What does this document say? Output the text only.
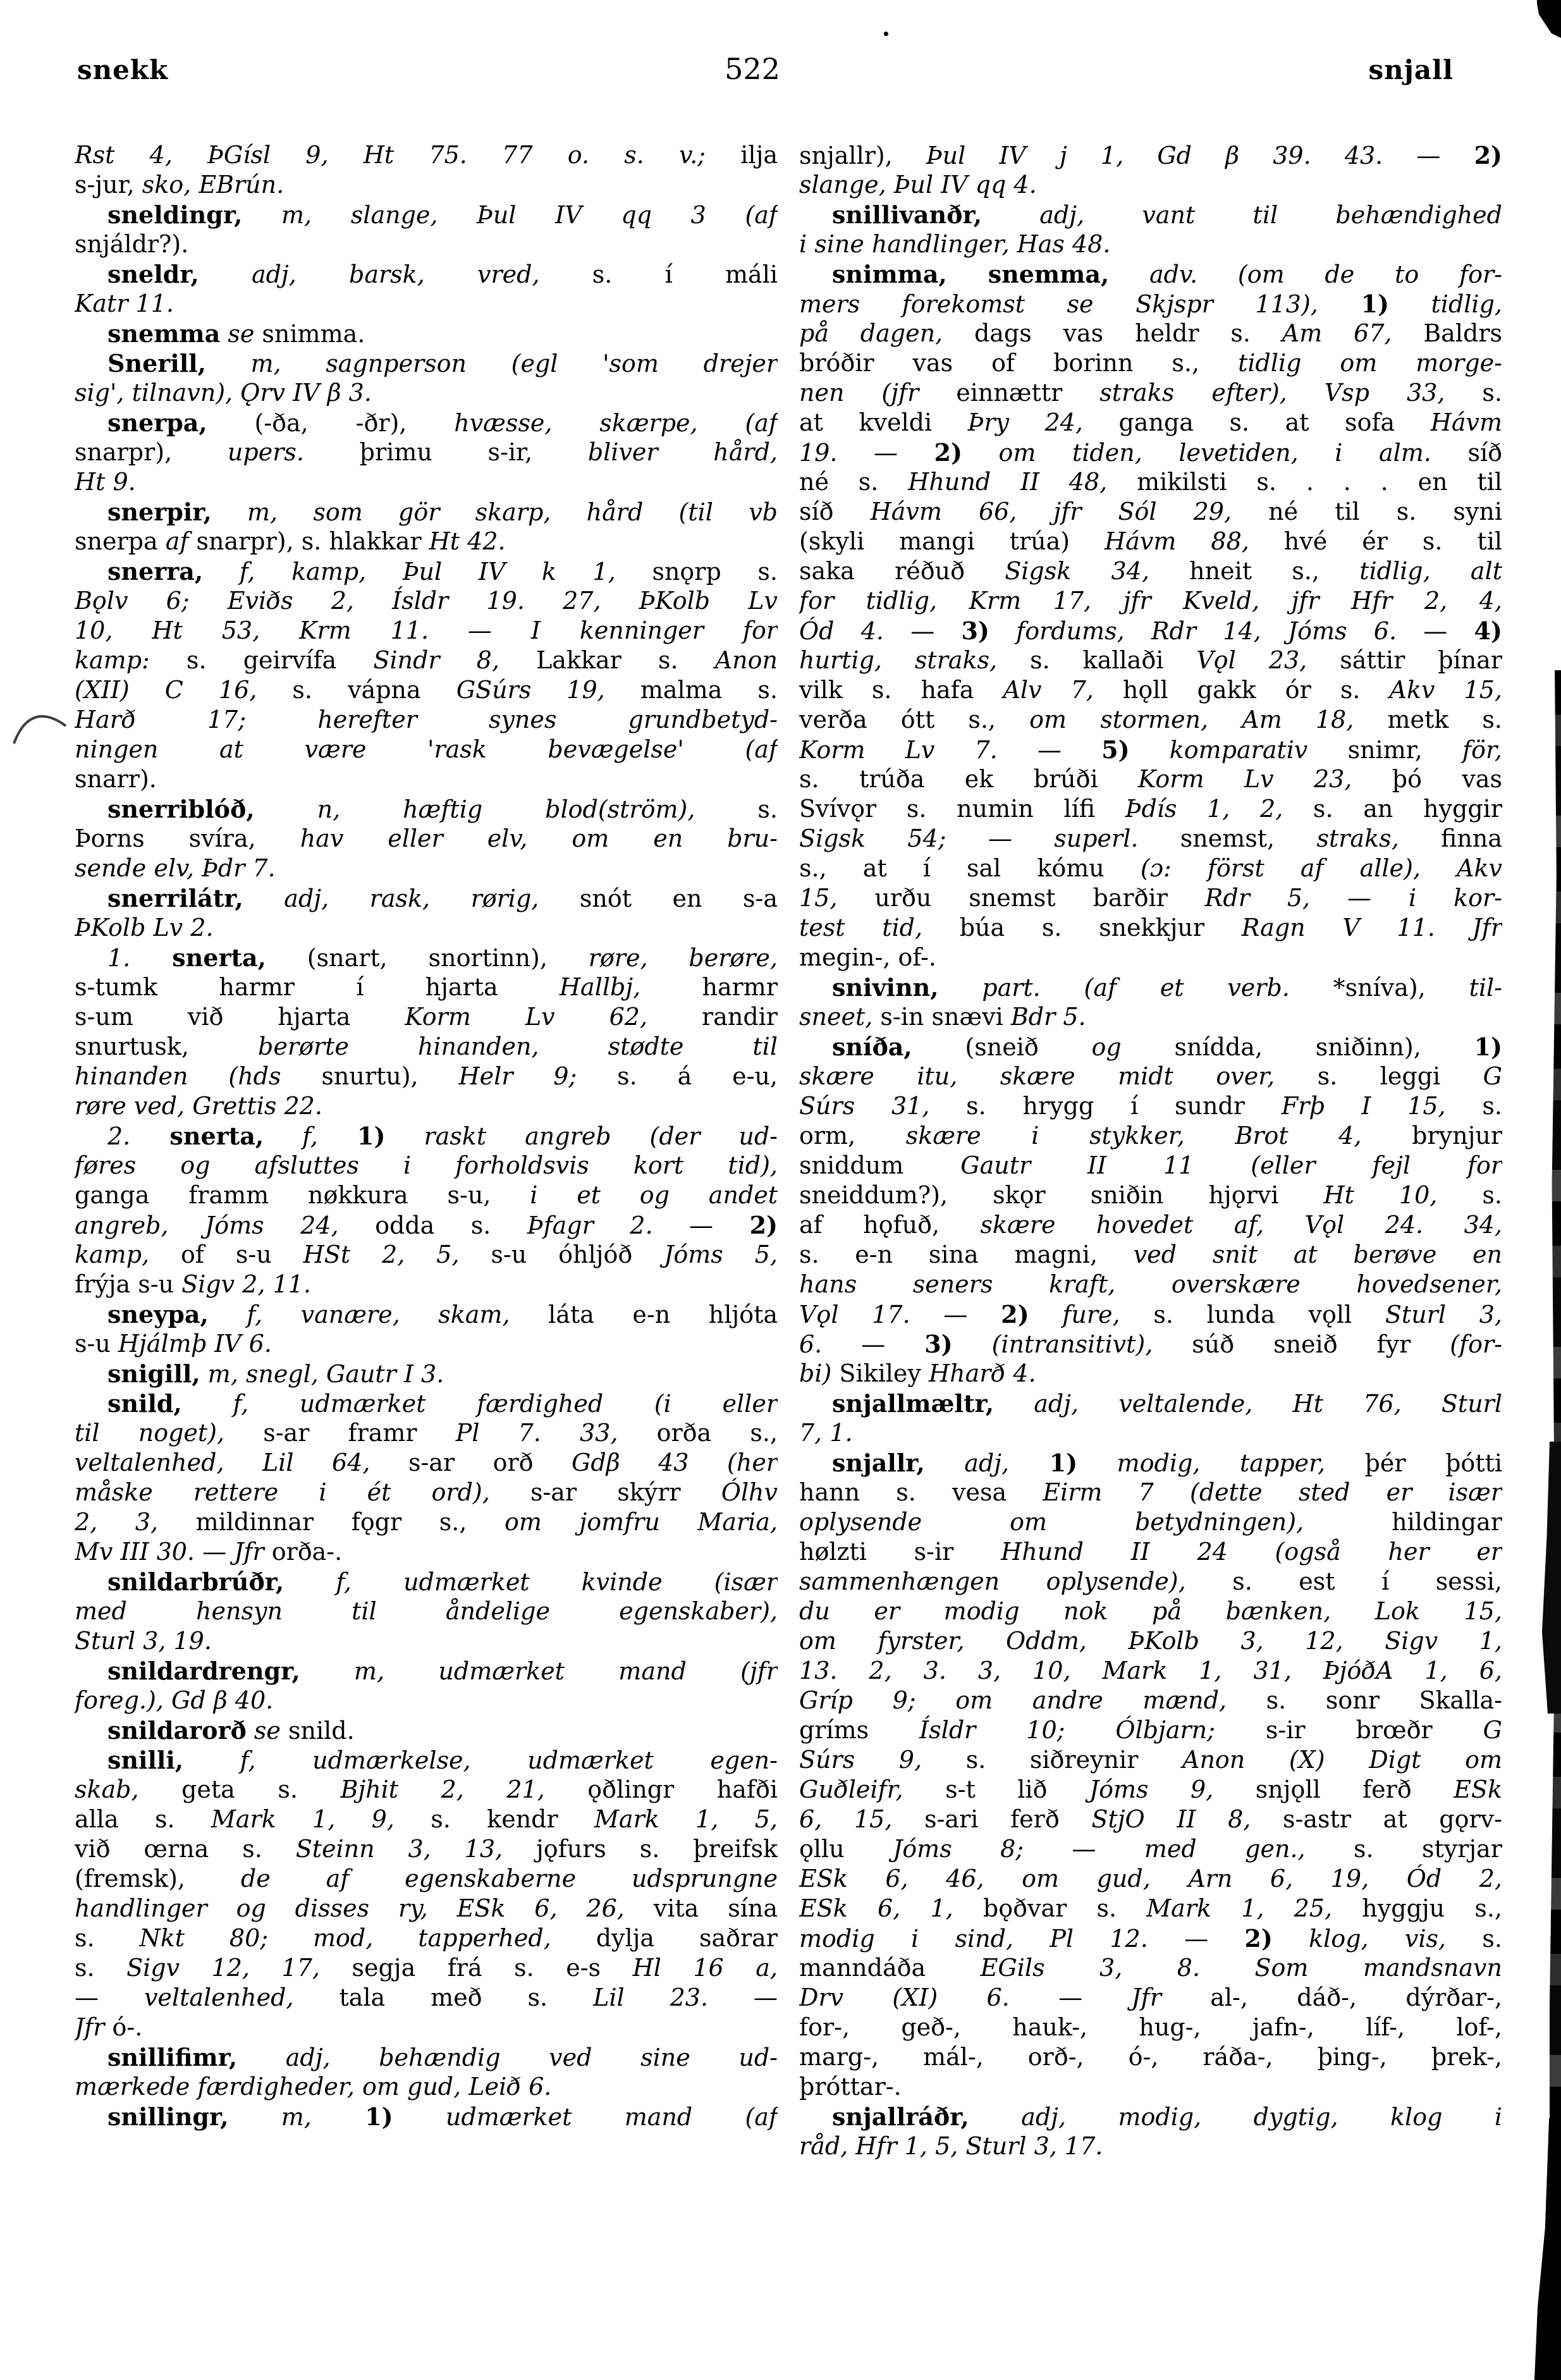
522
snekk	snjall
Rst 4, ÞGísl 9, Ht 75. 77 o. s. v.; ilja
s-jur, sko, EBrún.
sneldingr, m, slange, Þul IV qq 3 (af
snjáldr?).
sneldr, adj, barsk, vred, s. í máli
Katr 11.
snemma se snimma.
Snerill, m, sagnperson (egl 'som drejer
sig', tilnavn), Ǫrv IV β 3.
snerpa, (-ða, -ðr), hvæsse, skærpe, (af
snarpr), upers. þrimu s-ir, bliver hård,
Ht 9.
snerpir, m, som gör skarp, hård (til vb
snerpa af snarpr), s. hlakkar Ht 42.
snerra, f, kamp, Þul IV k 1, snǫrp s.
Bǫlv 6; Eviðs 2, Ísldr 19. 27, ÞKolb Lv
10, Ht 53, Krm 11. — I kenninger for
kamp: s. geirvífa Sindr 8, Lakkar s. Anon
(XII) C 16, s. vápna GSúrs 19, malma s.
Harð 17; herefter synes grundbetyd-
ningen at være 'rask bevægelse' (af
snarr).
snerriblóð, n, hæftig blod(ström), s.
Þorns svíra, hav eller elv, om en bru-
sende elv, Þdr 7.
snerrilátr, adj, rask, rørig, snót en s-a
ÞKolb Lv 2.
1. snerta, (snart, snortinn), røre, berøre,
s-tumk harmr í hjarta Hallbj, harmr
s-um við hjarta Korm Lv 62, randir
snurtusk, berørte hinanden, stødte til
hinanden (hds snurtu), Helr 9; s. á e-u,
røre ved, Grettis 22.
2. snerta, f, 1) raskt angreb (der ud-
føres og afsluttes i forholdsvis kort tid),
ganga framm nøkkura s-u, i et og andet
angreb, Jóms 24, odda s. Þfagr 2. — 2)
kamp, of s-u HSt 2, 5, s-u óhljóð Jóms 5,
frýja s-u Sigv 2, 11.
sneypa, f, vanære, skam, láta e-n hljóta
s-u Hjálmþ IV 6.
snigill, m, snegl, Gautr I 3.
snild, f, udmærket færdighed (i eller
til noget), s-ar framr Pl 7. 33, orða s.,
veltalenhed, Lil 64, s-ar orð Gdβ 43 (her
måske rettere i ét ord), s-ar skýrr Ólhv
2, 3, mildinnar fǫgr s., om jomfru Maria,
Mv III 30. — Jfr orða-.
snildarbrúðr, f, udmærket kvinde (især
med hensyn til åndelige egenskaber),
Sturl 3, 19.
snildardrengr, m, udmærket mand (jfr
foreg.), Gd β 40.
snildarorð se snild.
snilli, f, udmærkelse, udmærket egen-
skab, geta s. Bjhit 2, 21, ǫðlingr hafði
alla s. Mark 1, 9, s. kendr Mark 1, 5,
við œrna s. Steinn 3, 13, jǫfurs s. þreifsk
(fremsk), de af egenskaberne udsprungne
handlinger og disses ry, ESk 6, 26, vita sína
s. Nkt 80; mod, tapperhed, dylja saðrar
s. Sigv 12, 17, segja frá s. e-s Hl 16 a,
— veltalenhed, tala með s. Lil 23. —
Jfr ó-.
snillifimr, adj, behændig ved sine ud-
mærkede færdigheder, om gud, Leið 6.
snillingr, m, 1) udmærket mand (af
snjallr), Þul IV j 1, Gd β 39. 43. — 2)
slange, Þul IV qq 4.
snillivanðr, adj, vant til behændighed
i sine handlinger, Has 48.
snimma, snemma, adv. (om de to for-
mers forekomst se Skjspr 113), 1) tidlig,
på dagen, dags vas heldr s. Am 67, Baldrs
bróðir vas of borinn s., tidlig om morge-
nen (jfr einnættr straks efter), Vsp 33, s.
at kveldi Þry 24, ganga s. at sofa Hávm
19. — 2) om tiden, levetiden, i alm. síð
né s. Hhund II 48, mikilsti s. . . . en til
síð Hávm 66, jfr Sól 29, né til s. syni
(skyli mangi trúa) Hávm 88, hvé ér s. til
saka réðuð Sigsk 34, hneit s., tidlig, alt
for tidlig, Krm 17, jfr Kveld, jfr Hfr 2, 4,
Ód 4. — 3) fordums, Rdr 14, Jóms 6. — 4)
hurtig, straks, s. kallaði Vǫl 23, sáttir þínar
vilk s. hafa Alv 7, hǫll gakk ór s. Akv 15,
verða ótt s., om stormen, Am 18, metk s.
Korm Lv 7. — 5) komparativ snimr, för,
s. trúða ek brúði Korm Lv 23, þó vas
Svívǫr s. numin lífi Þdís 1, 2, s. an hyggir
Sigsk 54; — superl. snemst, straks, finna
s., at í sal kómu (ɔ: först af alle), Akv
15, urðu snemst barðir Rdr 5, — i kor-
test tid, búa s. snekkjur Ragn V 11. Jfr
megin-, of-.
snivinn, part. (af et verb. *sníva), til-
sneet, s-in snævi Bdr 5.
sníða, (sneið og snídda, sniðinn), 1)
skære itu, skære midt over, s. leggi G
Súrs 31, s. hrygg í sundr Frþ I 15, s.
orm, skære i stykker, Brot 4, brynjur
sniddum Gautr II 11 (eller fejl for
sneiddum?), skǫr sniðin hjǫrvi Ht 10, s.
af hǫfuð, skære hovedet af, Vǫl 24. 34,
s. e-n sina magni, ved snit at berøve en
hans seners kraft, overskære hovedsener,
Vǫl 17. — 2) fure, s. lunda vǫll Sturl 3,
6. — 3) (intransitivt), súð sneið fyr (for-
bi) Sikiley Hharð 4.
snjallmæltr, adj, veltalende, Ht 76, Sturl
7, 1.
snjallr, adj, 1) modig, tapper, þér þótti
hann s. vesa Eirm 7 (dette sted er især
oplysende om betydningen), hildingar
hølzti s-ir Hhund II 24 (også her er
sammenhængen oplysende), s. est í sessi,
du er modig nok på bænken, Lok 15,
om fyrster, Oddm, ÞKolb 3, 12, Sigv 1,
13. 2, 3. 3, 10, Mark 1, 31, ÞjóðA 1, 6,
Gríp 9; om andre mænd, s. sonr Skalla-
gríms Ísldr 10; Ólbjarn; s-ir brœðr G
Súrs 9, s. siðreynir Anon (X) Digt om
Guðleifr, s-t lið Jóms 9, snjǫll ferð ESk
6, 15, s-ari ferð StjO II 8, s-astr at gǫrv-
ǫllu Jóms 8; — med gen., s. styrjar
ESk 6, 46, om gud, Arn 6, 19, Ód 2,
ESk 6, 1, bǫðvar s. Mark 1, 25, hyggju s.,
modig i sind, Pl 12. — 2) klog, vis, s.
manndáða EGils 3, 8. Som mandsnavn
Drv (XI) 6. — Jfr al-, dáð-, dýrðar-,
for-, geð-, hauk-, hug-, jafn-, líf-, lof-,
marg-, mál-, orð-, ó-, ráða-, þing-, þrek-,
þróttar-.
snjallráðr, adj, modig, dygtig, klog i
råd, Hfr 1, 5, Sturl 3, 17.
